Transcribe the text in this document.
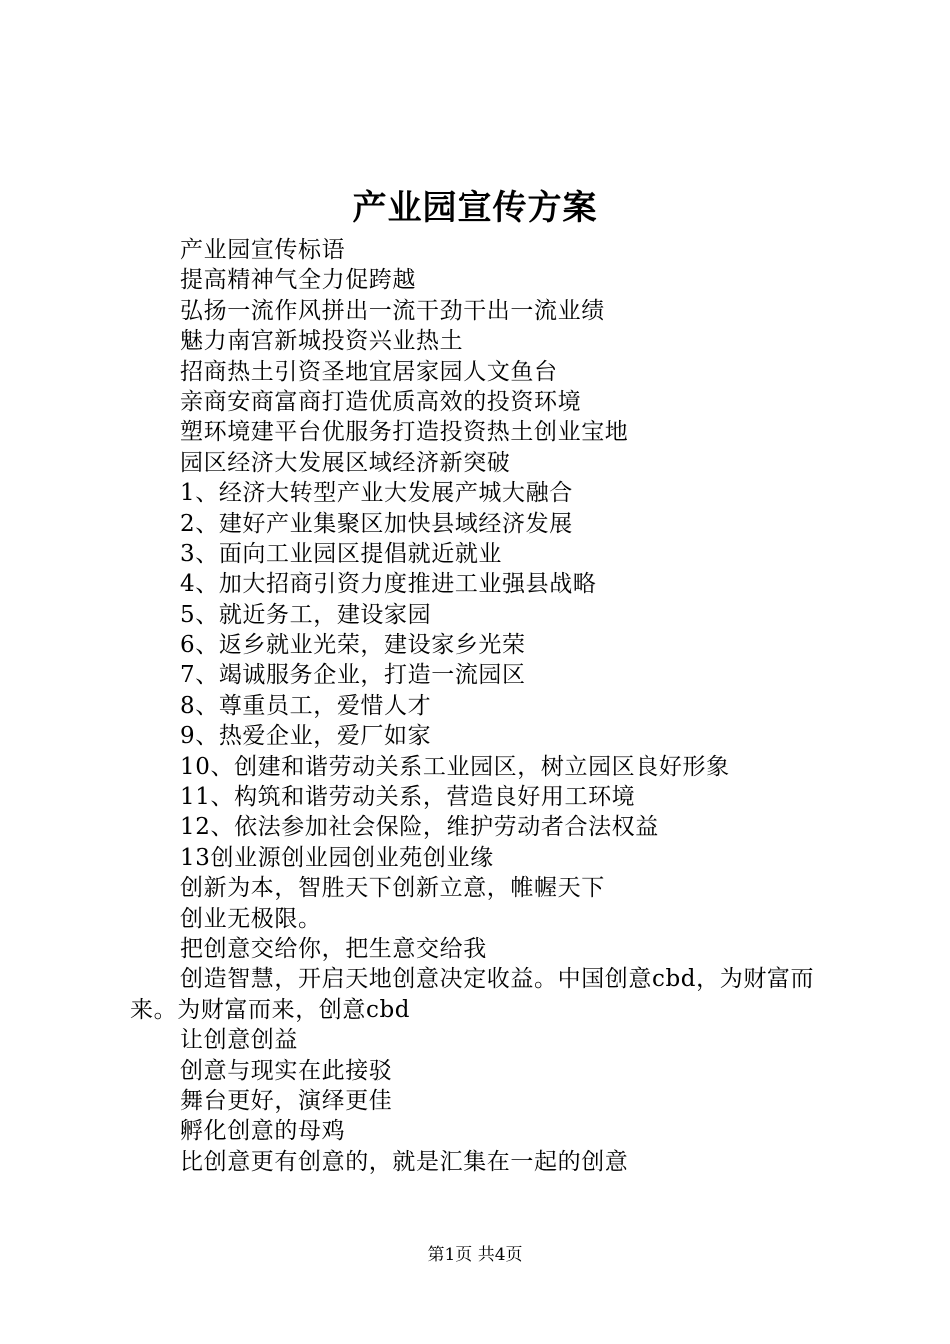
产业园宣传方案
产业园宣传标语
提高精神气全力促跨越
弘扬一流作风拼出一流干劲干出一流业绩
魅力南宫新城投资兴业热土
招商热土引资圣地宜居家园人文鱼台
亲商安商富商打造优质高效的投资环境
塑环境建平台优服务打造投资热土创业宝地
园区经济大发展区域经济新突破
1、经济大转型产业大发展产城大融合
2、建好产业集聚区加快县域经济发展
3、面向工业园区提倡就近就业
4、加大招商引资力度推进工业强县战略
5、就近务工，建设家园
6、返乡就业光荣，建设家乡光荣
7、竭诚服务企业，打造一流园区
8、尊重员工，爱惜人才
9、热爱企业，爱厂如家
10、创建和谐劳动关系工业园区，树立园区良好形象
11、构筑和谐劳动关系，营造良好用工环境
12、依法参加社会保险，维护劳动者合法权益
13创业源创业园创业苑创业缘
创新为本，智胜天下创新立意，帷幄天下
创业无极限。
把创意交给你，把生意交给我
创造智慧，开启天地创意决定收益。中国创意cbd，为财富而来。为财富而来，创意cbd
让创意创益
创意与现实在此接驳
舞台更好，演绎更佳
孵化创意的母鸡
比创意更有创意的，就是汇集在一起的创意
第1页 共4页
